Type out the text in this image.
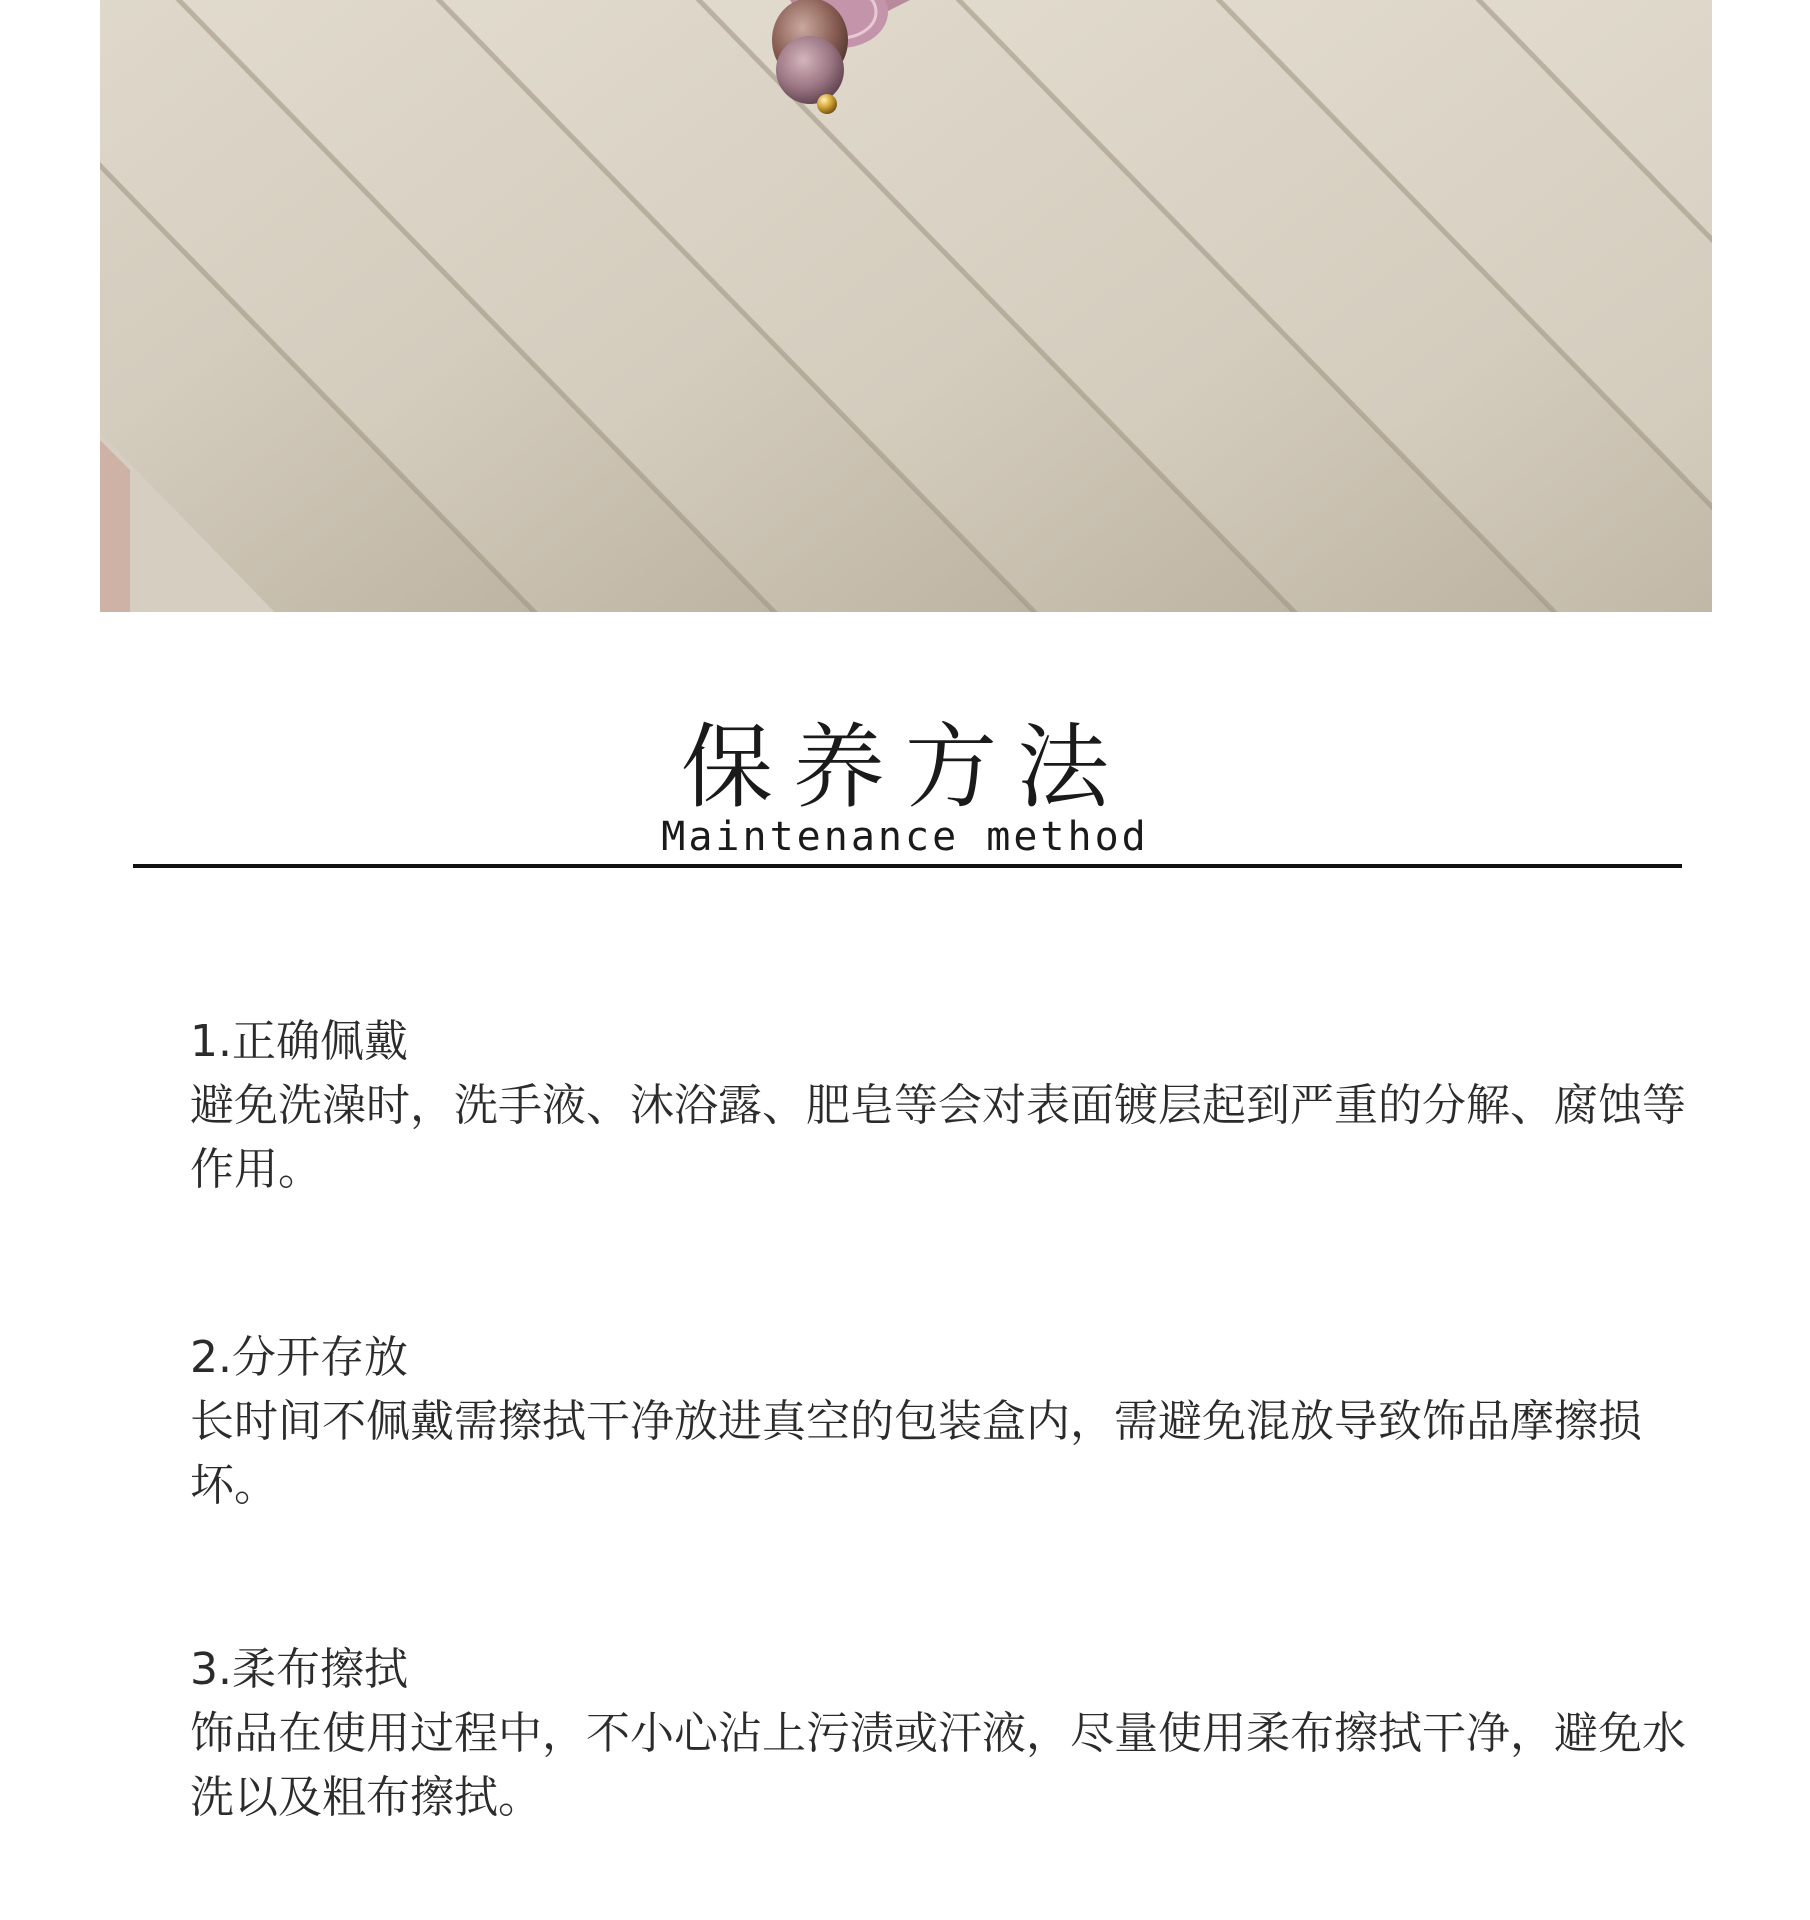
保养方法
Maintenance method

1.正确佩戴

避免洗澡时，洗手液、沐浴露、肥皂等会对表面镀层起到严重的分解、腐蚀等作用。

2.分开存放

长时间不佩戴需擦拭干净放进真空的包装盒内，需避免混放导致饰品摩擦损坏。

3.柔布擦拭

饰品在使用过程中，不小心沾上污渍或汗液，尽量使用柔布擦拭干净，避免水洗以及粗布擦拭。
